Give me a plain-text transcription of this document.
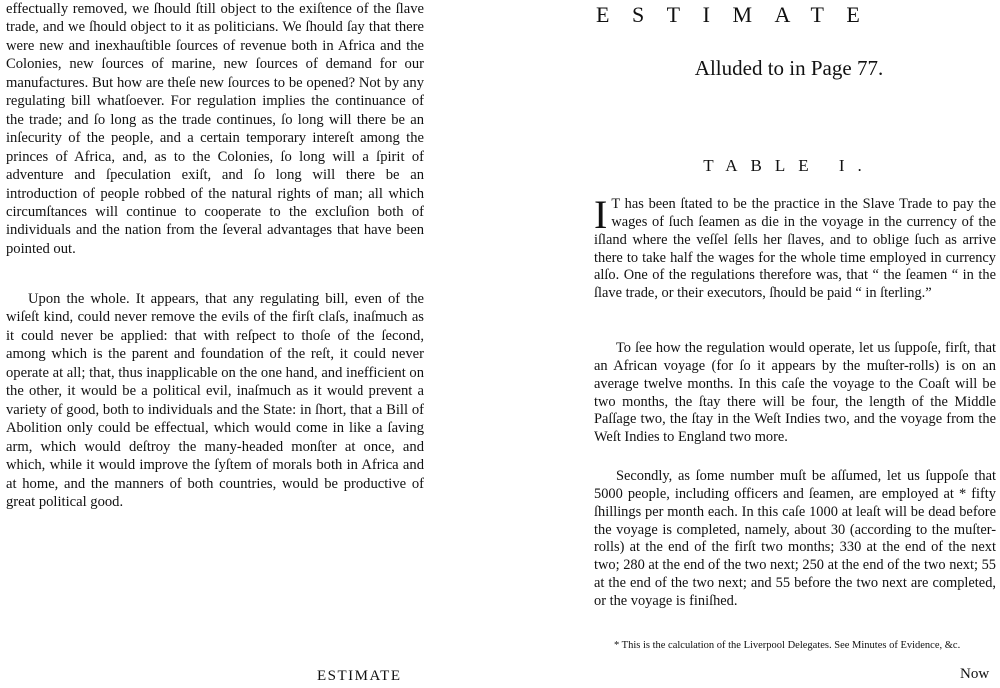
effectually removed, we ſhould ſtill object to the exiſtence of the ſlave trade, and we ſhould object to it as politicians. We ſhould ſay that there were new and inexhauſtible ſources of revenue both in Africa and the Colonies, new ſources of marine, new ſources of demand for our manufactures. But how are theſe new ſources to be opened? Not by any regulating bill whatſoever. For regulation implies the continuance of the trade; and ſo long as the trade continues, ſo long will there be an inſecurity of the people, and a certain temporary intereſt among the princes of Africa, and, as to the Colonies, ſo long will a ſpirit of adventure and ſpeculation exiſt, and ſo long will there be an introduction of people robbed of the natural rights of man; all which circumſtances will continue to cooperate to the excluſion both of individuals and the nation from the ſeveral advantages that have been pointed out.

Upon the whole. It appears, that any regulating bill, even of the wiſeſt kind, could never remove the evils of the firſt claſs, inaſmuch as it could never be applied: that with reſpect to thoſe of the ſecond, among which is the parent and foundation of the reſt, it could never operate at all; that, thus inapplicable on the one hand, and inefficient on the other, it would be a political evil, inaſmuch as it would prevent a variety of good, both to individuals and the State: in ſhort, that a Bill of Abolition only could be effectual, which would come in like a ſaving arm, which would deſtroy the many-headed monſter at once, and which, while it would improve the ſyſtem of morals both in Africa and at home, and the manners of both countries, would be productive of great political good.

ESTIMATE

ESTIMATE

Alluded to in Page 77.

TABLE I.

I T has been ſtated to be the practice in the Slave Trade to pay the wages of ſuch ſeamen as die in the voyage in the currency of the iſland where the veſſel ſells her ſlaves, and to oblige ſuch as arrive there to take half the wages for the whole time employed in currency alſo. One of the regulations therefore was, that “ the ſeamen “ in the ſlave trade, or their executors, ſhould be paid “ in ſterling.”

To ſee how the regulation would operate, let us ſuppoſe, firſt, that an African voyage (for ſo it appears by the muſter-rolls) is on an average twelve months. In this caſe the voyage to the Coaſt will be two months, the ſtay there will be four, the length of the Middle Paſſage two, the ſtay in the Weſt Indies two, and the voyage from the Weſt Indies to England two more.

Secondly, as ſome number muſt be aſſumed, let us ſuppoſe that 5000 people, including officers and ſeamen, are employed at * fifty ſhillings per month each. In this caſe 1000 at leaſt will be dead before the voyage is completed, namely, about 30 (according to the muſter-rolls) at the end of the firſt two months; 330 at the end of the next two; 280 at the end of the two next; 250 at the end of the two next; 55 at the end of the two next; and 55 before the two next are completed, or the voyage is finiſhed.

* This is the calculation of the Liverpool Delegates. See Minutes of Evidence, &c.

Now
